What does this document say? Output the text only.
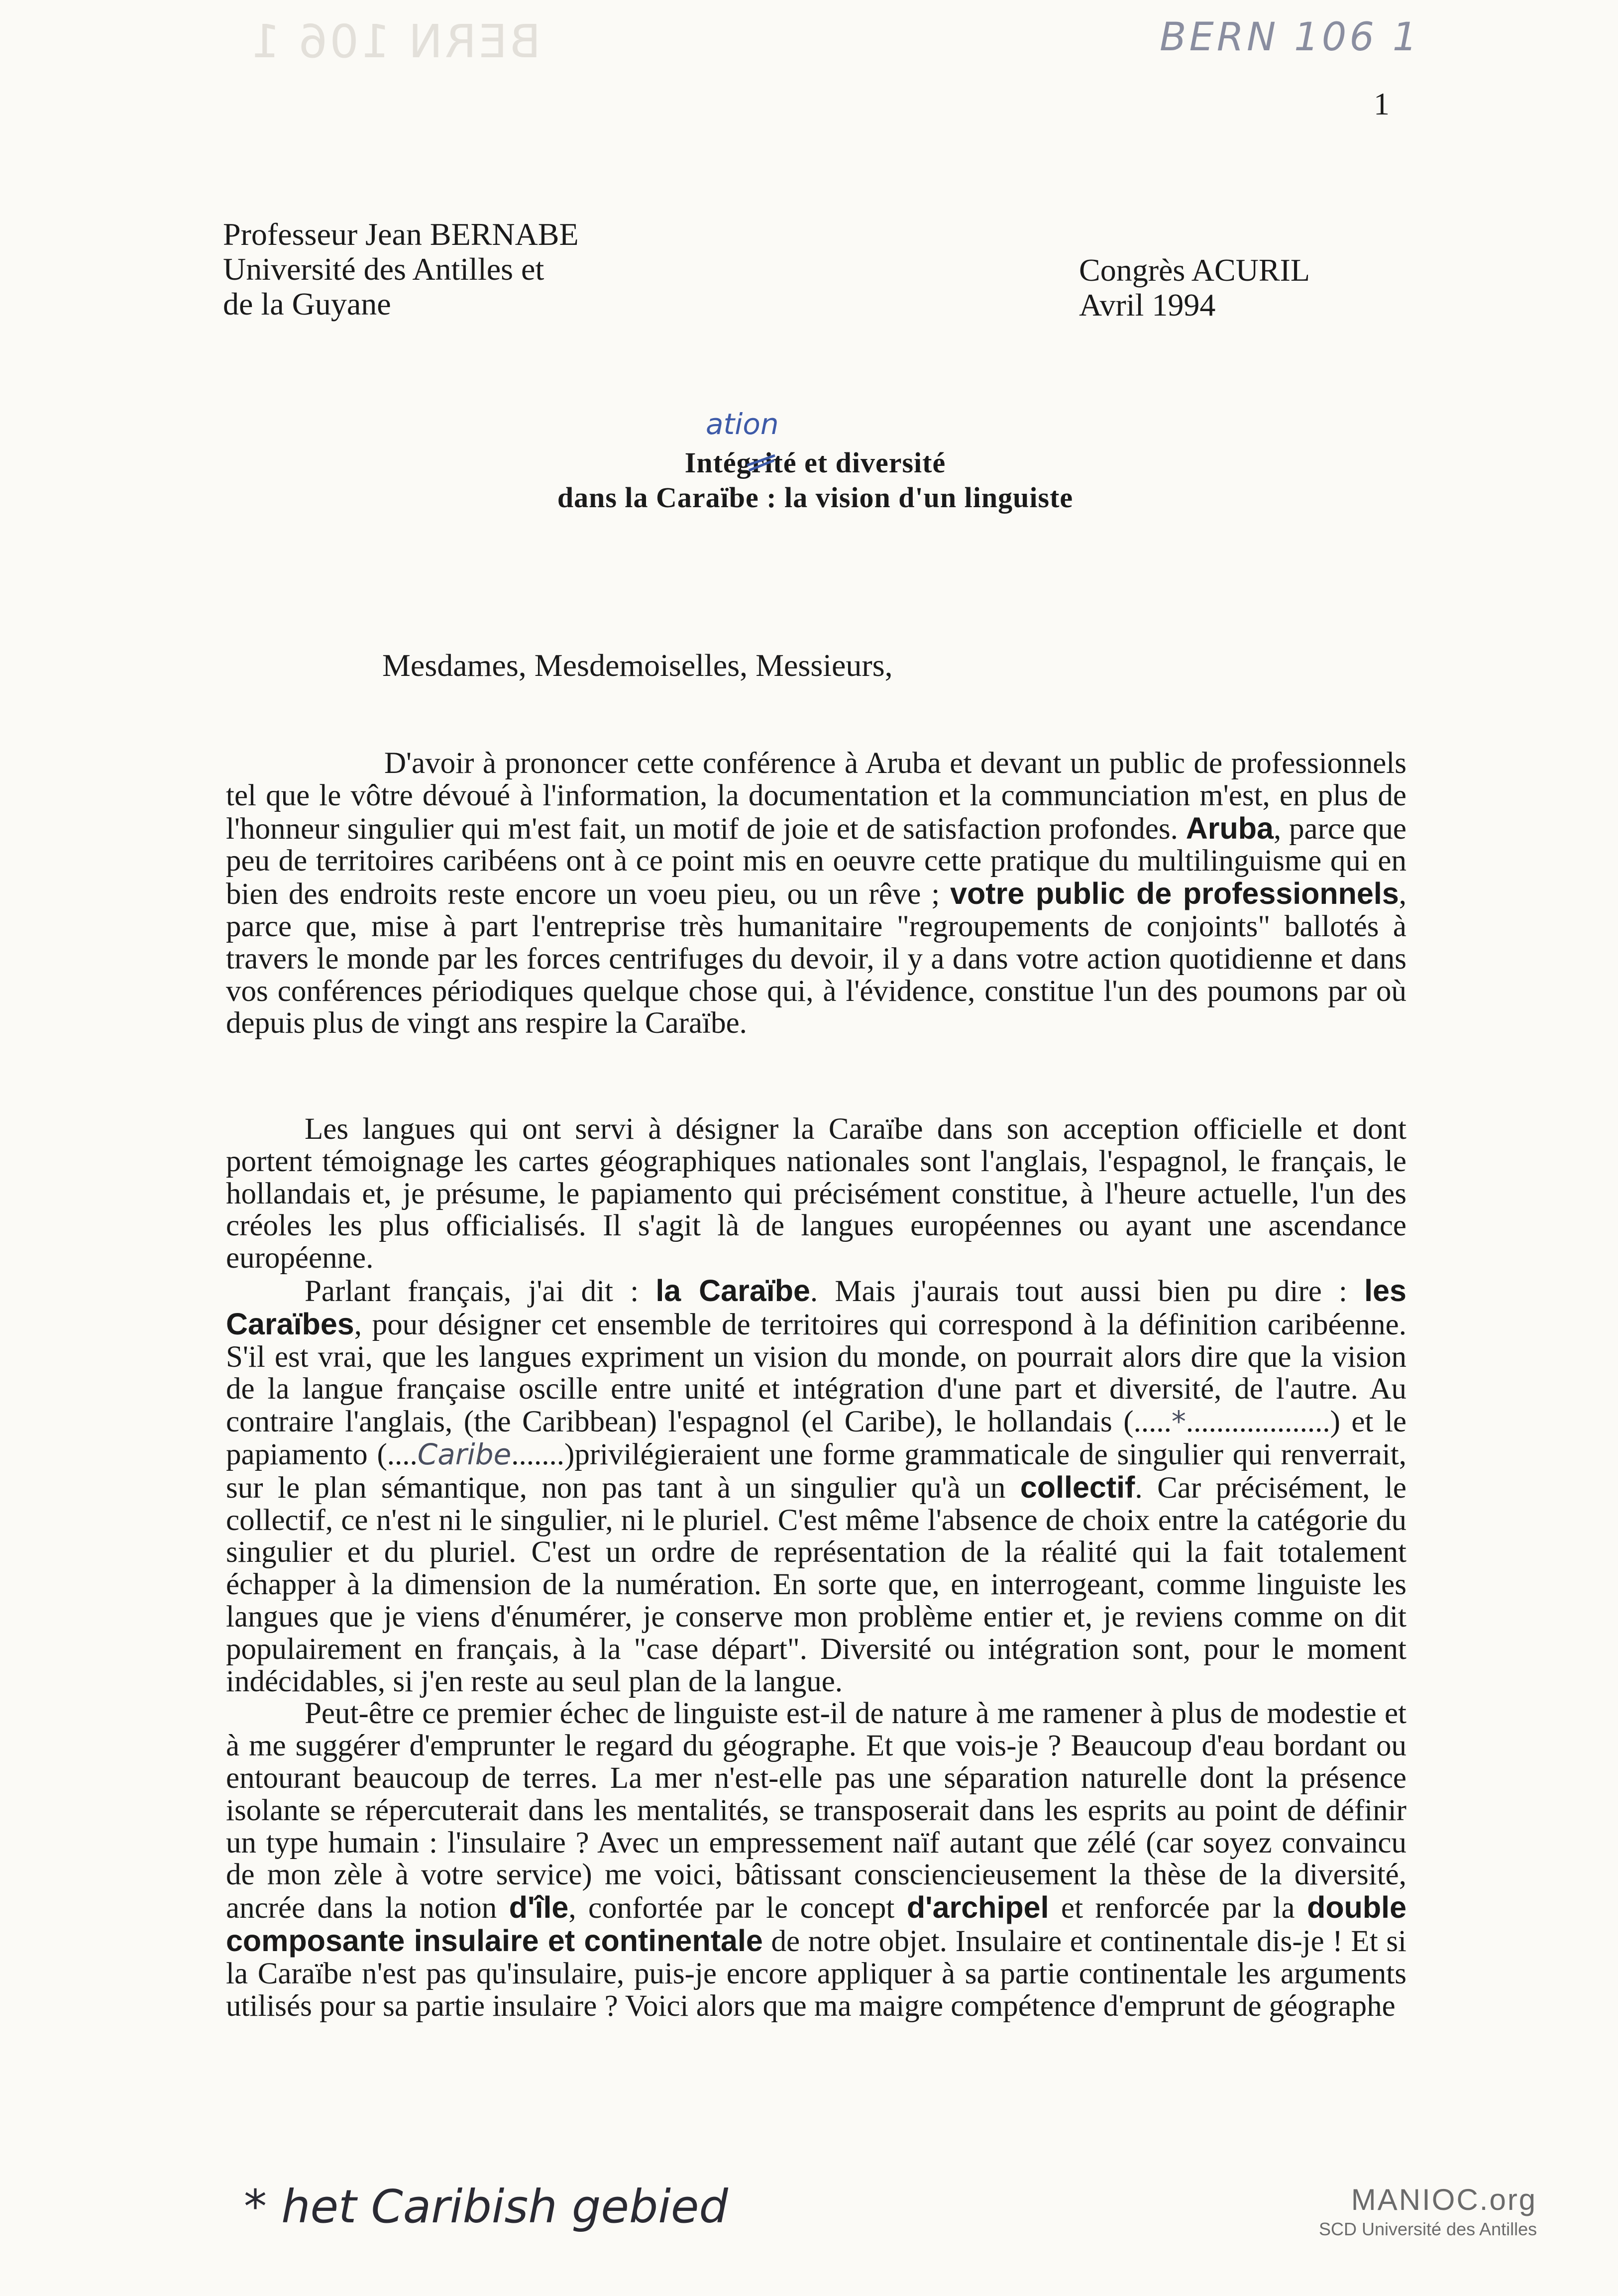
BERN 106 1	BERN 106 1
1
Professeur Jean BERNABE
Université des Antilles et
de la Guyane
Congrès ACURIL
Avril 1994
ation
Intégrité et diversité
dans la Caraïbe : la vision d'un linguiste
Mesdames, Mesdemoiselles, Messieurs,

D'avoir à prononcer cette conférence à Aruba et devant un public de professionnels tel que le vôtre dévoué à l'information, la documentation et la communciation m'est, en plus de l'honneur singulier qui m'est fait, un motif de joie et de satisfaction profondes. Aruba, parce que peu de territoires caribéens ont à ce point mis en oeuvre cette pratique du multilinguisme qui en bien des endroits reste encore un voeu pieu, ou un rêve ; votre public de professionnels, parce que, mise à part l'entreprise très humanitaire "regroupements de conjoints" ballotés à travers le monde par les forces centrifuges du devoir, il y a dans votre action quotidienne et dans vos conférences périodiques quelque chose qui, à l'évidence, constitue l'un des poumons par où depuis plus de vingt ans respire la Caraïbe.

Les langues qui ont servi à désigner la Caraïbe dans son acception officielle et dont portent témoignage les cartes géographiques nationales sont l'anglais, l'espagnol, le français, le hollandais et, je présume, le papiamento qui précisément constitue, à l'heure actuelle, l'un des créoles les plus officialisés. Il s'agit là de langues européennes ou ayant une ascendance européenne.

Parlant français, j'ai dit : la Caraïbe. Mais j'aurais tout aussi bien pu dire : les Caraïbes, pour désigner cet ensemble de territoires qui correspond à la définition caribéenne. S'il est vrai, que les langues expriment un vision du monde, on pourrait alors dire que la vision de la langue française oscille entre unité et intégration d'une part et diversité, de l'autre. Au contraire l'anglais, (the Caribbean) l'espagnol (el Caribe), le hollandais (.....*...................) et le papiamento (....Caribe.......)privilégieraient une forme grammaticale de singulier qui renverrait, sur le plan sémantique, non pas tant à un singulier qu'à un collectif. Car précisément, le collectif, ce n'est ni le singulier, ni le pluriel. C'est même l'absence de choix entre la catégorie du singulier et du pluriel. C'est un ordre de représentation de la réalité qui la fait totalement échapper à la dimension de la numération. En sorte que, en interrogeant, comme linguiste les langues que je viens d'énumérer, je conserve mon problème entier et, je reviens comme on dit populairement en français, à la "case départ". Diversité ou intégration sont, pour le moment indécidables, si j'en reste au seul plan de la langue.

Peut-être ce premier échec de linguiste est-il de nature à me ramener à plus de modestie et à me suggérer d'emprunter le regard du géographe. Et que vois-je ? Beaucoup d'eau bordant ou entourant beaucoup de terres. La mer n'est-elle pas une séparation naturelle dont la présence isolante se répercuterait dans les mentalités, se transposerait dans les esprits au point de définir un type humain : l'insulaire ? Avec un empressement naïf autant que zélé (car soyez convaincu de mon zèle à votre service) me voici, bâtissant consciencieusement la thèse de la diversité, ancrée dans la notion d'île, confortée par le concept d'archipel et renforcée par la double composante insulaire et continentale de notre objet. Insulaire et continentale dis-je ! Et si la Caraïbe n'est pas qu'insulaire, puis-je encore appliquer à sa partie continentale les arguments utilisés pour sa partie insulaire ? Voici alors que ma maigre compétence d'emprunt de géographe

* het Caribish gebied	MANIOC.org
SCD Université des Antilles
